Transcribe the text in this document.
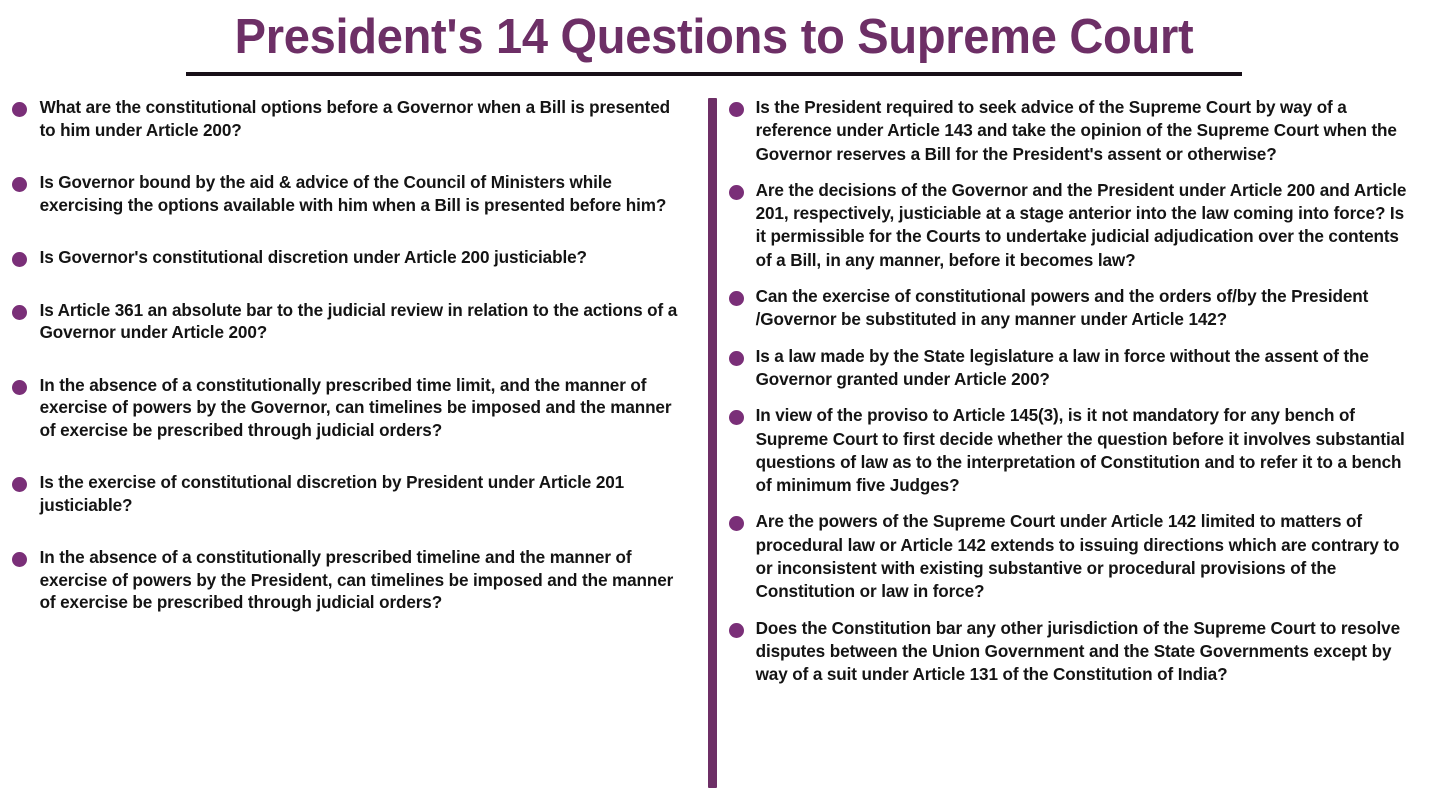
President's 14 Questions to Supreme Court
What are the constitutional options before a Governor when a Bill is presented to him under Article 200?
Is Governor bound by the aid & advice of the Council of Ministers while exercising the options available with him when a Bill is presented before him?
Is Governor's constitutional discretion under Article 200 justiciable?
Is Article 361 an absolute bar to the judicial review in relation to the actions of a Governor under Article 200?
In the absence of a constitutionally prescribed time limit, and the manner of exercise of powers by the Governor, can timelines be imposed and the manner of exercise be prescribed through judicial orders?
Is the exercise of constitutional discretion by President under Article 201 justiciable?
In the absence of a constitutionally prescribed timeline and the manner of exercise of powers by the President, can timelines be imposed and the manner of exercise be prescribed through judicial orders?
Is the President required to seek advice of the Supreme Court by way of a reference under Article 143 and take the opinion of the Supreme Court when the Governor reserves a Bill for the President's assent or otherwise?
Are the decisions of the Governor and the President under Article 200 and Article 201, respectively, justiciable at a stage anterior into the law coming into force? Is it permissible for the Courts to undertake judicial adjudication over the contents of a Bill, in any manner, before it becomes law?
Can the exercise of constitutional powers and the orders of/by the President /Governor be substituted in any manner under Article 142?
Is a law made by the State legislature a law in force without the assent of the Governor granted under Article 200?
In view of the proviso to Article 145(3), is it not mandatory for any bench of Supreme Court to first decide whether the question before it involves substantial questions of law as to the interpretation of Constitution and to refer it to a bench of minimum five Judges?
Are the powers of the Supreme Court under Article 142 limited to matters of procedural law or Article 142 extends to issuing directions which are contrary to or inconsistent with existing substantive or procedural provisions of the Constitution or law in force?
Does the Constitution bar any other jurisdiction of the Supreme Court to resolve disputes between the Union Government and the State Governments except by way of a suit under Article 131 of the Constitution of India?
